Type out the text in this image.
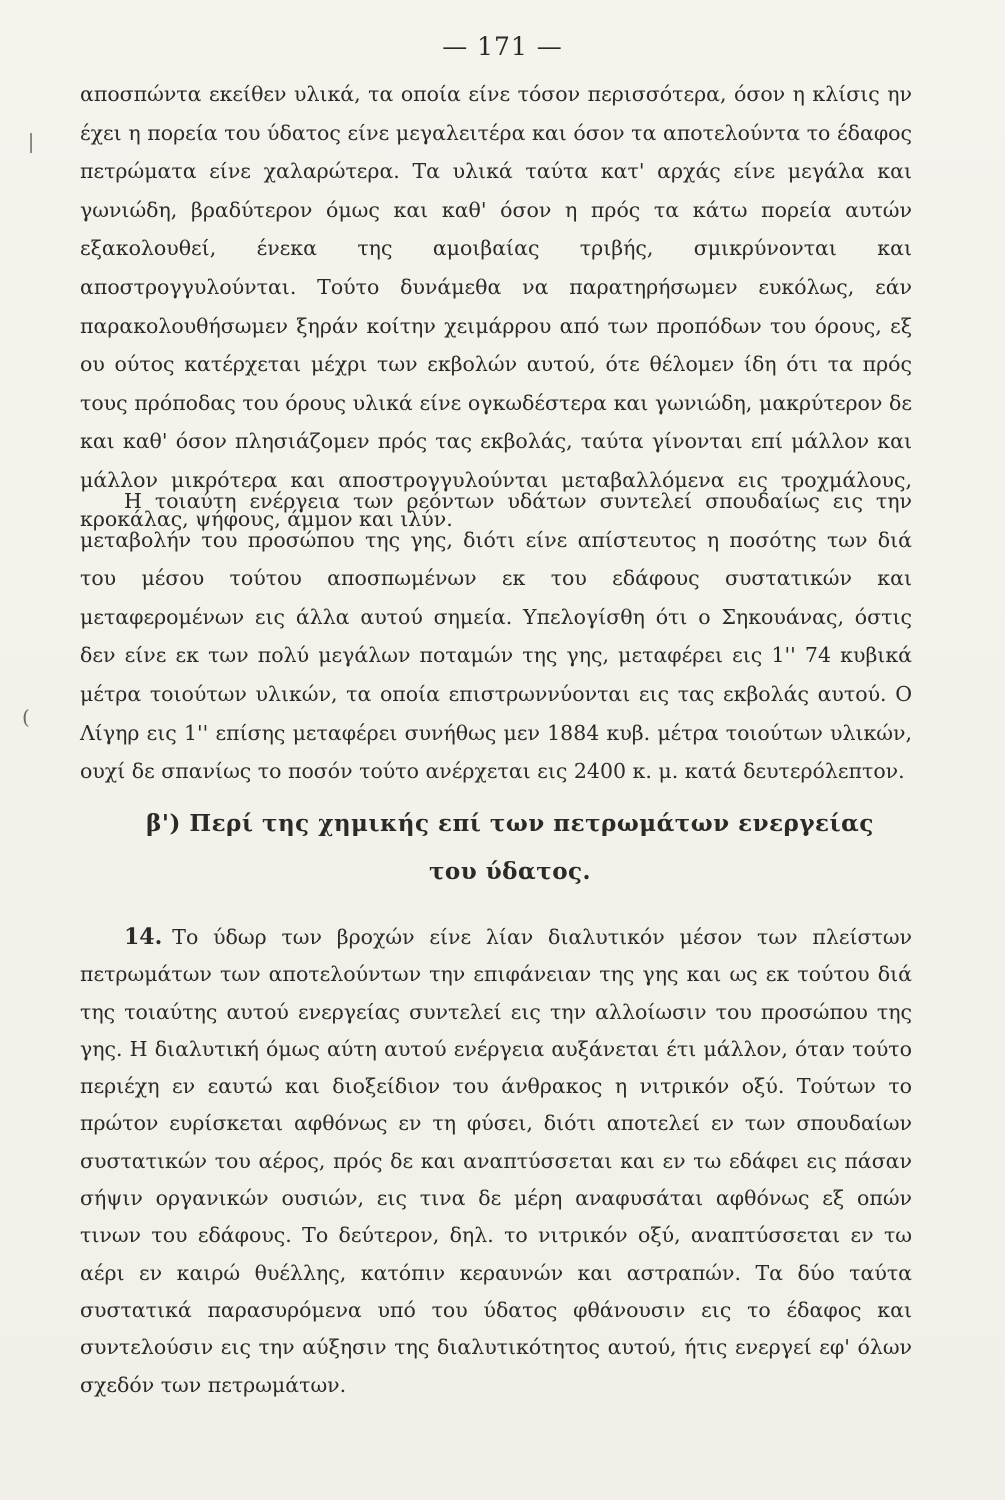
— 171 —

αποσπώντα εκείθεν υλικά, τα οποία είνε τόσον περισσότερα, όσον η κλίσις ην έχει η πορεία του ύδατος είνε μεγαλειτέρα και όσον τα αποτελούντα το έδαφος πετρώματα είνε χαλαρώτερα. Τα υλικά ταύτα κατ' αρχάς είνε μεγάλα και γωνιώδη, βραδύτερον όμως και καθ' όσον η πρός τα κάτω πορεία αυτών εξακολουθεί, ένεκα της αμοιβαίας τριβής, σμικρύνονται και αποστρογγυλούνται. Τούτο δυνάμεθα να παρατηρήσωμεν ευκόλως, εάν παρακολουθήσωμεν ξηράν κοίτην χειμάρρου από των προπόδων του όρους, εξ ου ούτος κατέρχεται μέχρι των εκβολών αυτού, ότε θέλομεν ίδη ότι τα πρός τους πρόποδας του όρους υλικά είνε ογκωδέστερα και γωνιώδη, μακρύτερον δε και καθ' όσον πλησιάζομεν πρός τας εκβολάς, ταύτα γίνονται επί μάλλον και μάλλον μικρότερα και αποστρογγυλούνται μεταβαλλόμενα εις τροχμάλους, κροκάλας, ψήφους, άμμον και ιλύν.

Η τοιαύτη ενέργεια των ρεόντων υδάτων συντελεί σπουδαίως εις την μεταβολήν του προσώπου της γης, διότι είνε απίστευτος η ποσότης των διά του μέσου τούτου αποσπωμένων εκ του εδάφους συστατικών και μεταφερομένων εις άλλα αυτού σημεία. Υπελογίσθη ότι ο Σηκουάνας, όστις δεν είνε εκ των πολύ μεγάλων ποταμών της γης, μεταφέρει εις 1'' 74 κυβικά μέτρα τοιούτων υλικών, τα οποία επιστρωννύονται εις τας εκβολάς αυτού. Ο Λίγηρ εις 1'' επίσης μεταφέρει συνήθως μεν 1884 κυβ. μέτρα τοιούτων υλικών, ουχί δε σπανίως το ποσόν τούτο ανέρχεται εις 2400 κ. μ. κατά δευτερόλεπτον.

β') Περί της χημικής επί των πετρωμάτων ενεργείας του ύδατος.

14. Το ύδωρ των βροχών είνε λίαν διαλυτικόν μέσον των πλείστων πετρωμάτων των αποτελούντων την επιφάνειαν της γης και ως εκ τούτου διά της τοιαύτης αυτού ενεργείας συντελεί εις την αλλοίωσιν του προσώπου της γης. Η διαλυτική όμως αύτη αυτού ενέργεια αυξάνεται έτι μάλλον, όταν τούτο περιέχη εν εαυτώ και διοξείδιον του άνθρακος η νιτρικόν οξύ. Τούτων το πρώτον ευρίσκεται αφθόνως εν τη φύσει, διότι αποτελεί εν των σπουδαίων συστατικών του αέρος, πρός δε και αναπτύσσεται και εν τω εδάφει εις πάσαν σήψιν οργανικών ουσιών, εις τινα δε μέρη αναφυσάται αφθόνως εξ οπών τινων του εδάφους. Το δεύτερον, δηλ. το νιτρικόν οξύ, αναπτύσσεται εν τω αέρι εν καιρώ θυέλλης, κατόπιν κεραυνών και αστραπών. Τα δύο ταύτα συστατικά παρασυρόμενα υπό του ύδατος φθάνουσιν εις το έδαφος και συντελούσιν εις την αύξησιν της διαλυτικότητος αυτού, ήτις ενεργεί εφ' όλων σχεδόν των πετρωμάτων.

⎸
(
